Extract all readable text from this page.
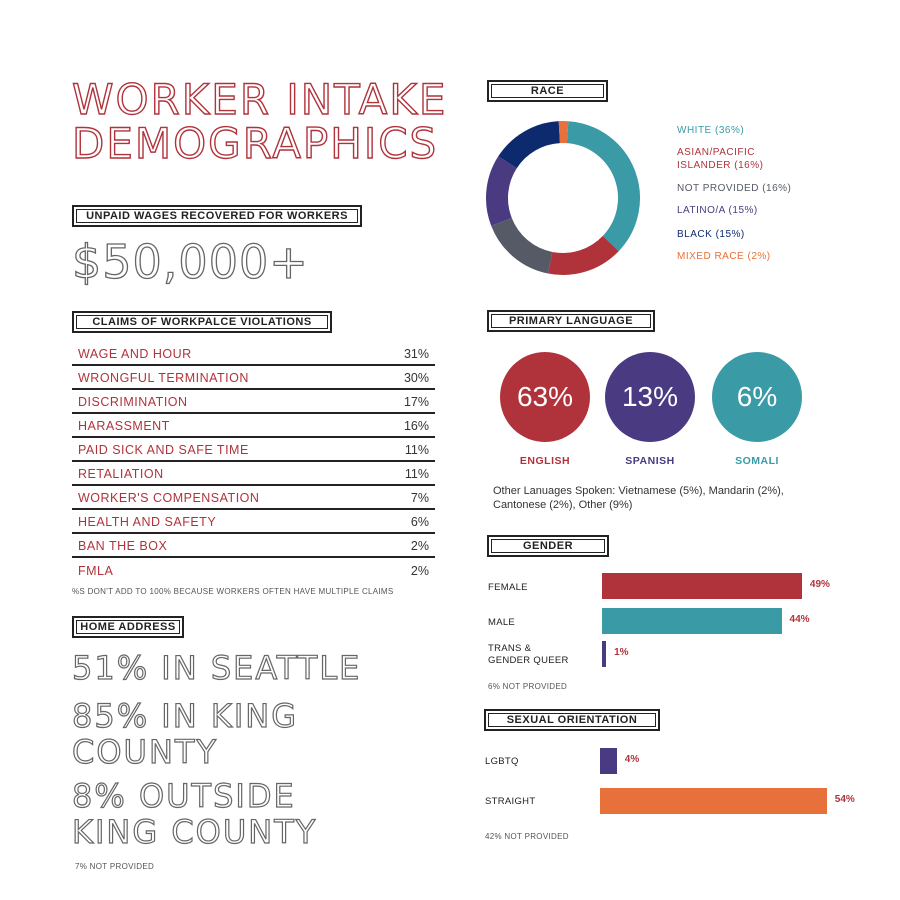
WORKER INTAKE
DEMOGRAPHICS
UNPAID WAGES RECOVERED FOR WORKERS
$50,000+
CLAIMS OF WORKPALCE VIOLATIONS
WAGE AND HOUR	31%
WRONGFUL TERMINATION	30%
DISCRIMINATION	17%
HARASSMENT	16%
PAID SICK AND SAFE TIME	11%
RETALIATION	11%
WORKER'S COMPENSATION	7%
HEALTH AND SAFETY	6%
BAN THE BOX	2%
FMLA	2%
%S DON'T ADD TO 100% BECAUSE WORKERS OFTEN HAVE MULTIPLE CLAIMS
HOME ADDRESS
51% IN SEATTLE
85% IN KING
COUNTY
8% OUTSIDE
KING COUNTY
7% NOT PROVIDED
RACE
WHITE (36%)
ASIAN/PACIFIC
ISLANDER (16%)
NOT PROVIDED (16%)
LATINO/A (15%)
BLACK (15%)
MIXED RACE (2%)
PRIMARY LANGUAGE
63%
ENGLISH
13%
SPANISH
6%
SOMALI
Other Lanuages Spoken: Vietnamese (5%), Mandarin (2%),
Cantonese (2%), Other (9%)
GENDER
FEMALE
MALE
TRANS &
GENDER QUEER
49%
44%
1%
6% NOT PROVIDED
SEXUAL ORIENTATION
LGBTQ
STRAIGHT
4%
54%
42% NOT PROVIDED
